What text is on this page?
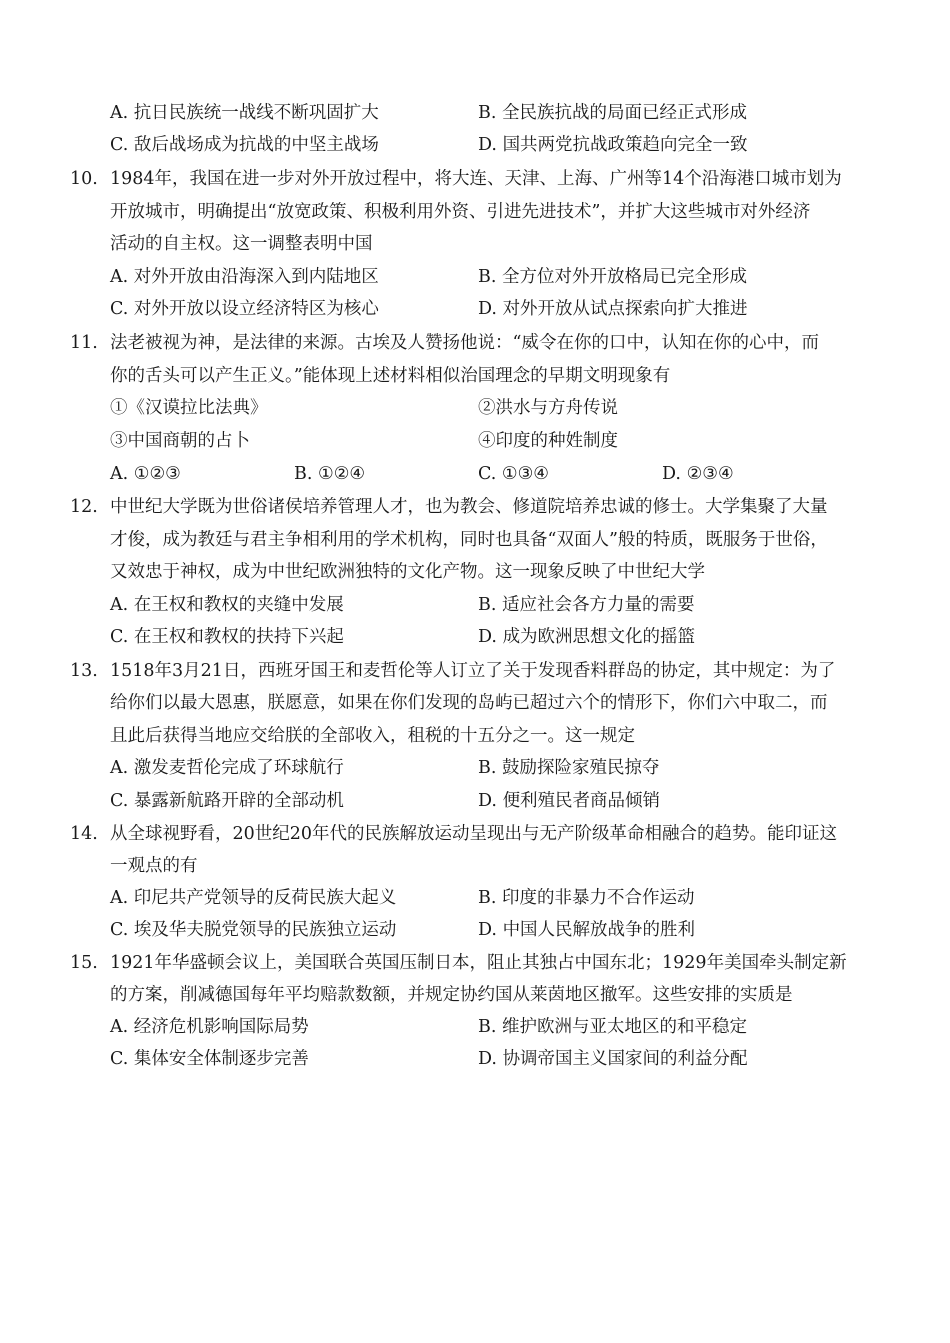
A. 抗日民族统一战线不断巩固扩大	B. 全民族抗战的局面已经正式形成
C. 敌后战场成为抗战的中坚主战场	D. 国共两党抗战政策趋向完全一致
10. 1984年，我国在进一步对外开放过程中，将大连、天津、上海、广州等14个沿海港口城市划为
开放城市，明确提出“放宽政策、积极利用外资、引进先进技术”，并扩大这些城市对外经济
活动的自主权。这一调整表明中国
A. 对外开放由沿海深入到内陆地区	B. 全方位对外开放格局已完全形成
C. 对外开放以设立经济特区为核心	D. 对外开放从试点探索向扩大推进
11. 法老被视为神，是法律的来源。古埃及人赞扬他说：“威令在你的口中，认知在你的心中，而
你的舌头可以产生正义。”能体现上述材料相似治国理念的早期文明现象有
①《汉谟拉比法典》	②洪水与方舟传说
③中国商朝的占卜	④印度的种姓制度
A. ①②③	B. ①②④	C. ①③④	D. ②③④
12. 中世纪大学既为世俗诸侯培养管理人才，也为教会、修道院培养忠诚的修士。大学集聚了大量
才俊，成为教廷与君主争相利用的学术机构，同时也具备“双面人”般的特质，既服务于世俗，
又效忠于神权，成为中世纪欧洲独特的文化产物。这一现象反映了中世纪大学
A. 在王权和教权的夹缝中发展	B. 适应社会各方力量的需要
C. 在王权和教权的扶持下兴起	D. 成为欧洲思想文化的摇篮
13. 1518年3月21日，西班牙国王和麦哲伦等人订立了关于发现香料群岛的协定，其中规定：为了
给你们以最大恩惠，朕愿意，如果在你们发现的岛屿已超过六个的情形下，你们六中取二，而
且此后获得当地应交给朕的全部收入，租税的十五分之一。这一规定
A. 激发麦哲伦完成了环球航行	B. 鼓励探险家殖民掠夺
C. 暴露新航路开辟的全部动机	D. 便利殖民者商品倾销
14. 从全球视野看，20世纪20年代的民族解放运动呈现出与无产阶级革命相融合的趋势。能印证这
一观点的有
A. 印尼共产党领导的反荷民族大起义	B. 印度的非暴力不合作运动
C. 埃及华夫脱党领导的民族独立运动	D. 中国人民解放战争的胜利
15. 1921年华盛顿会议上，美国联合英国压制日本，阻止其独占中国东北；1929年美国牵头制定新
的方案，削减德国每年平均赔款数额，并规定协约国从莱茵地区撤军。这些安排的实质是
A. 经济危机影响国际局势	B. 维护欧洲与亚太地区的和平稳定
C. 集体安全体制逐步完善	D. 协调帝国主义国家间的利益分配
